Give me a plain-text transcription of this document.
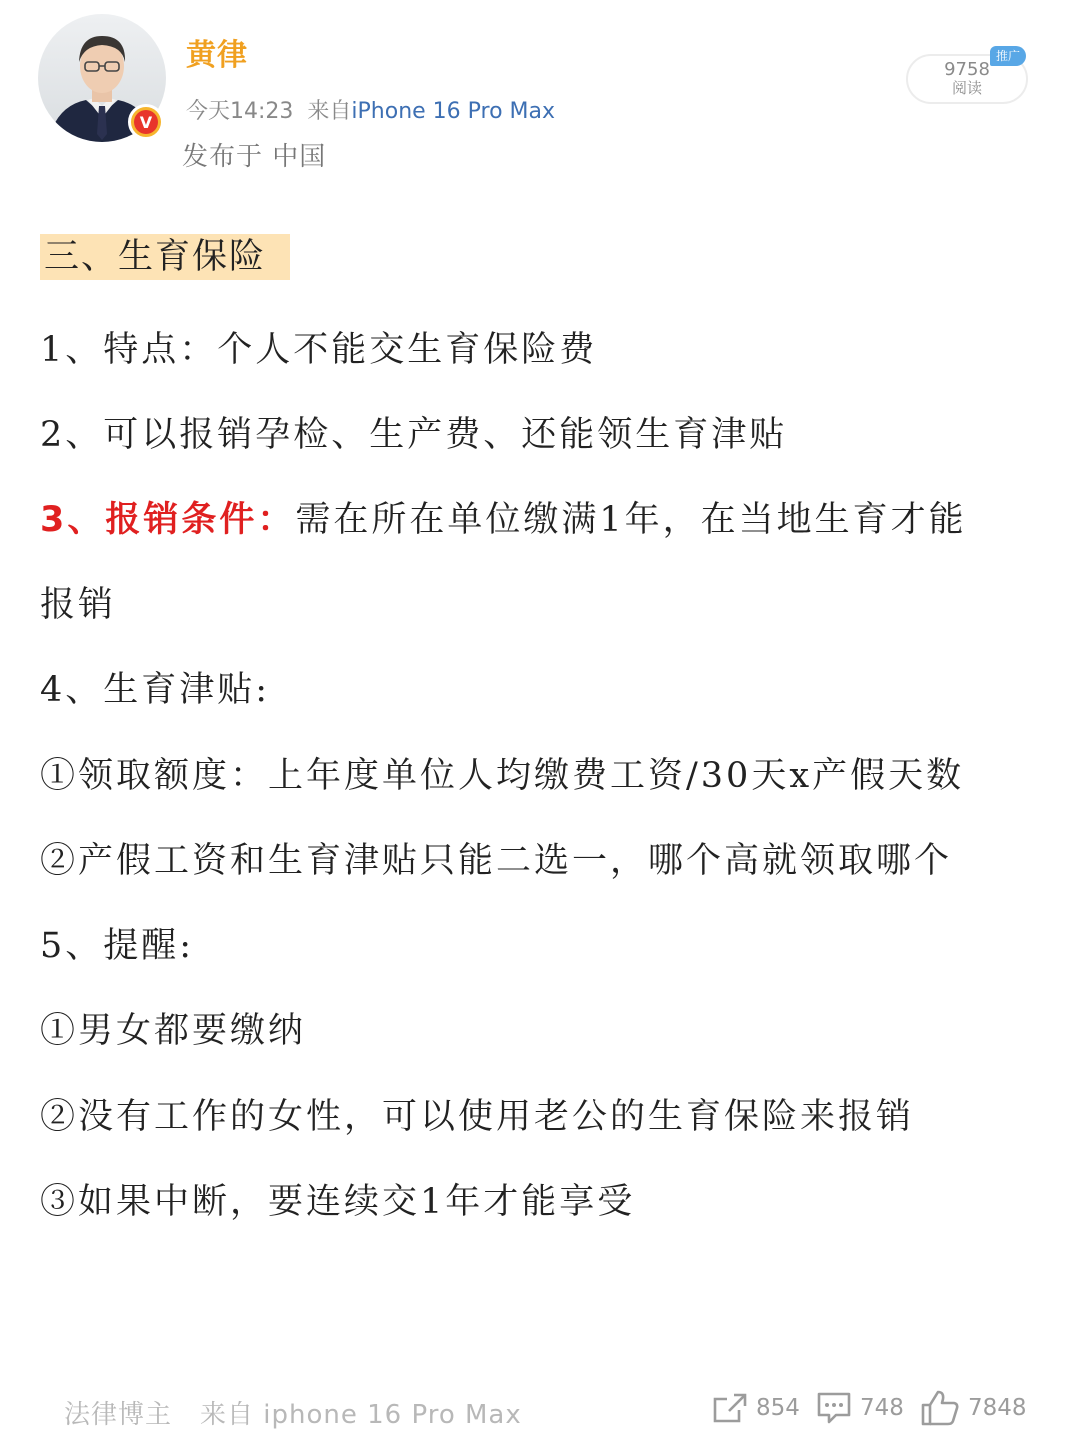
V
黄律
今天14:23 来自iPhone 16 Pro Max
发布于 中国
9758
阅读
推广
三、生育保险
1、特点：个人不能交生育保险费
2、可以报销孕检、生产费、还能领生育津贴
3、报销条件：需在所在单位缴满1年，在当地生育才能
报销
4、生育津贴:
①领取额度：上年度单位人均缴费工资/30天x产假天数
②产假工资和生育津贴只能二选一，哪个高就领取哪个
5、提醒:
①男女都要缴纳
②没有工作的女性，可以使用老公的生育保险来报销
③如果中断，要连续交1年才能享受
法律博主 来自 iphone 16 Pro Max	854	748	7848
